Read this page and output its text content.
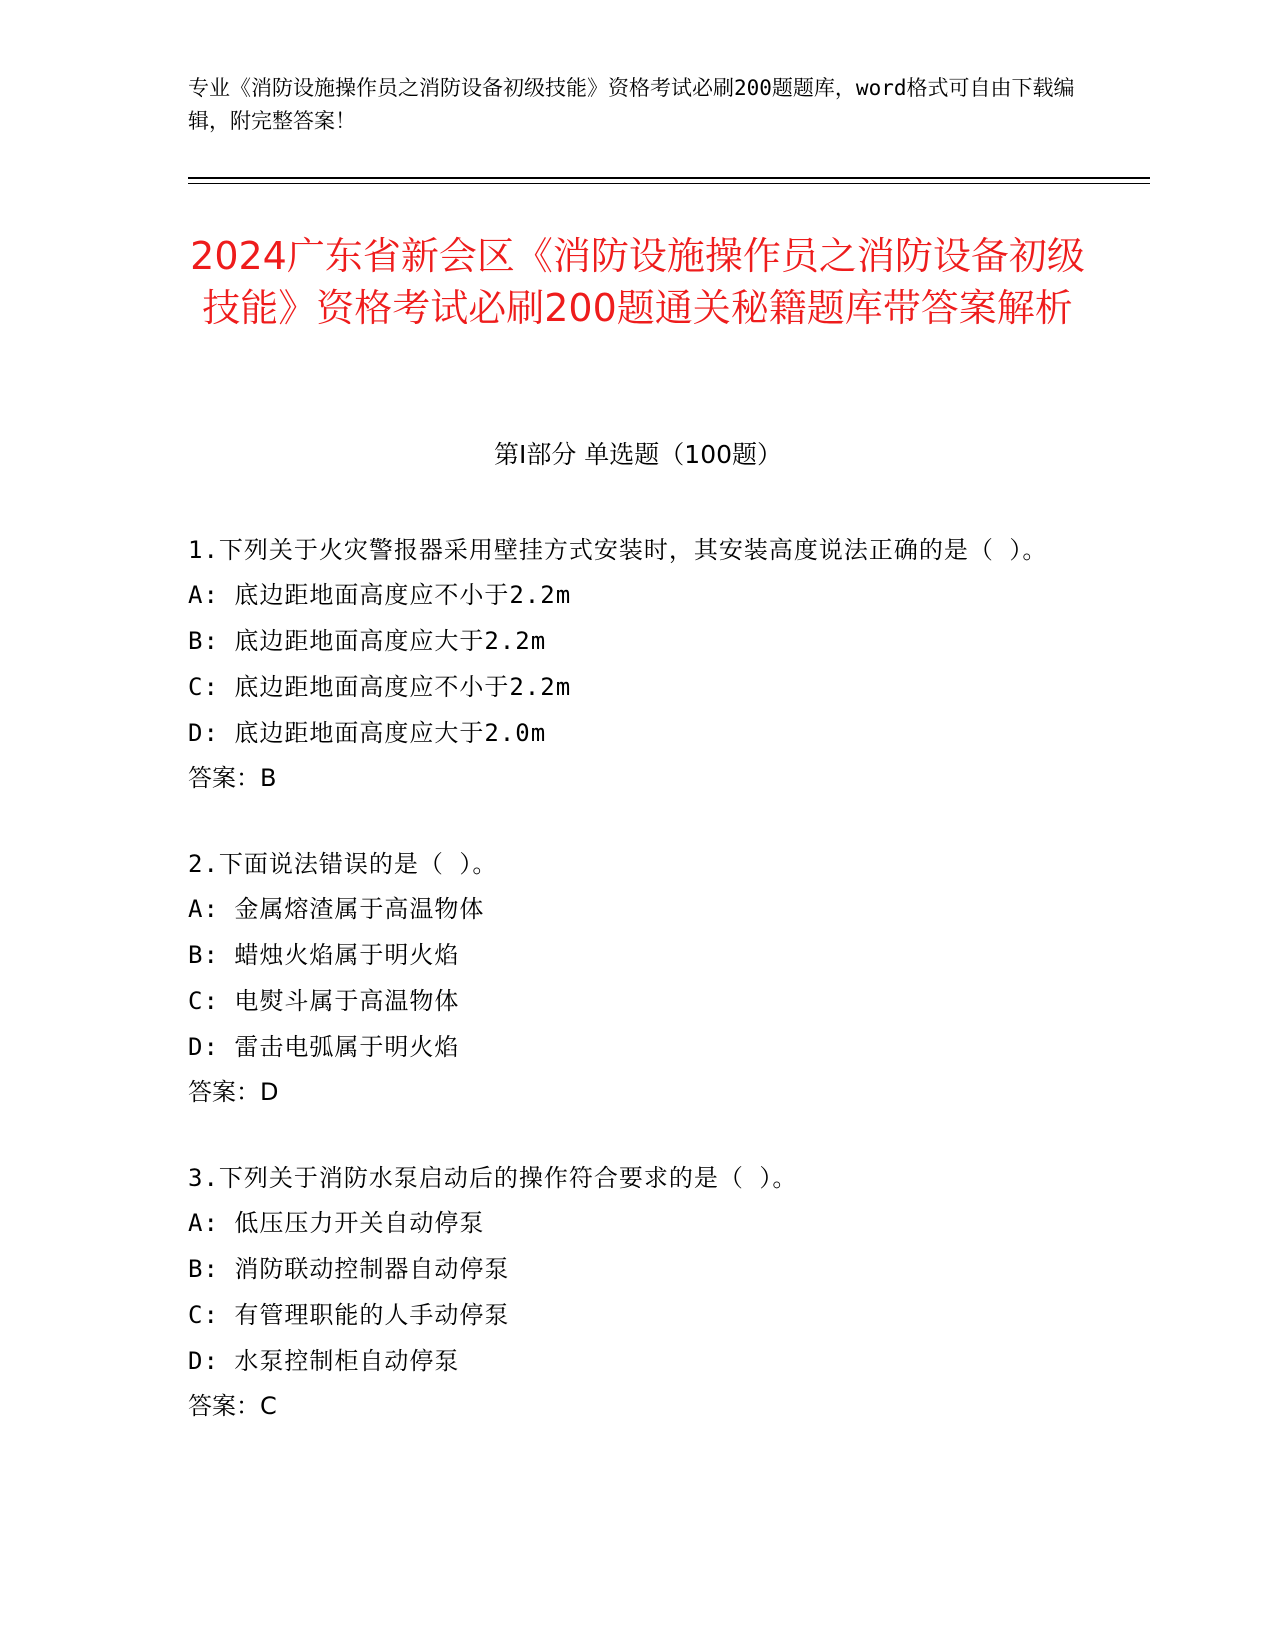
专业《消防设施操作员之消防设备初级技能》资格考试必刷200题题库，word格式可自由下载编辑，附完整答案！
2024广东省新会区《消防设施操作员之消防设备初级技能》资格考试必刷200题通关秘籍题库带答案解析
第Ⅰ部分 单选题（100题）
1.下列关于火灾警报器采用壁挂方式安装时，其安装高度说法正确的是（ ）。
A: 底边距地面高度应不小于2.2m
B: 底边距地面高度应大于2.2m
C: 底边距地面高度应不小于2.2m
D: 底边距地面高度应大于2.0m
答案：B
2.下面说法错误的是（ ）。
A: 金属熔渣属于高温物体
B: 蜡烛火焰属于明火焰
C: 电熨斗属于高温物体
D: 雷击电弧属于明火焰
答案：D
3.下列关于消防水泵启动后的操作符合要求的是（ ）。
A: 低压压力开关自动停泵
B: 消防联动控制器自动停泵
C: 有管理职能的人手动停泵
D: 水泵控制柜自动停泵
答案：C
